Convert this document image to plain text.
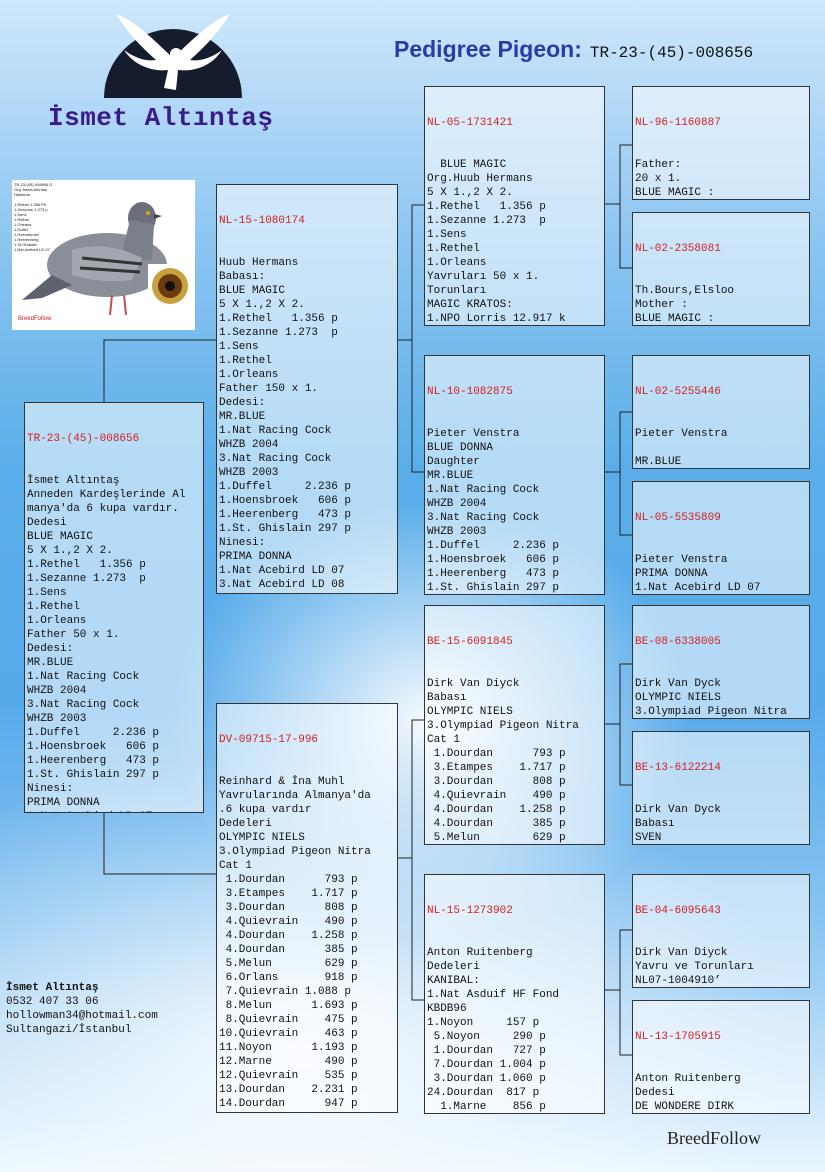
İsmet Altıntaş
Pedigree Pigeon: TR-23-(45)-008656
TR-23-(45)-008656 D
Org.:İsmet Altıntaş
Hallenda

1.Rethel 1.356 Ptr
1.Sezanne 1.273 p
1.Sens
1.Rethel
1.Orleans
1.Duffel
1.Hoensbroek
1.Heerenberg
1.St.Ghislain
1.Nat Acebird LD 07
BreedFollow

TR-23-(45)-008656

İsmet Altıntaş
Anneden Kardeşlerinde Al
manya'da 6 kupa vardır.
Dedesi
BLUE MAGIC
5 X 1.,2 X 2.
1.Rethel   1.356 p
1.Sezanne 1.273  p
1.Sens
1.Rethel
1.Orleans
Father 50 x 1.
Dedesi:
MR.BLUE
1.Nat Racing Cock
WHZB 2004
3.Nat Racing Cock
WHZB 2003
1.Duffel     2.236 p
1.Hoensbroek   606 p
1.Heerenberg   473 p
1.St. Ghislain 297 p
Ninesi:
PRIMA DONNA

NL-15-1080174

Huub Hermans
Babası:
BLUE MAGIC
5 X 1.,2 X 2.
1.Rethel   1.356 p
1.Sezanne 1.273  p
1.Sens
1.Rethel
1.Orleans
Father 150 x 1.
Dedesi:
MR.BLUE
1.Nat Racing Cock
WHZB 2004
3.Nat Racing Cock
WHZB 2003
1.Duffel     2.236 p
1.Hoensbroek   606 p
1.Heerenberg   473 p
1.St. Ghislain 297 p
Ninesi:
PRIMA DONNA
1.Nat Acebird LD 07
3.Nat Acebird LD 08

DV-09715-17-996

Reinhard & İna Muhl
Yavrularında Almanya'da
.6 kupa vardır
Dedeleri
OLYMPIC NIELS
3.Olympiad Pigeon Nitra
Cat 1
1.Dourdan      793 p
3.Etampes    1.717 p
3.Dourdan      808 p
4.Quievrain    490 p
4.Dourdan    1.258 p
4.Dourdan      385 p
5.Melun        629 p
6.Orlans       918 p
7.Quievrain 1.088 p
8.Melun      1.693 p
8.Quievrain    475 p
10.Quievrain    463 p
11.Noyon      1.193 p
12.Marne        490 p
12.Quievrain    535 p
13.Dourdan    2.231 p
14.Dourdan      947 p

NL-05-1731421

BLUE MAGIC
Org.Huub Hermans
5 X 1.,2 X 2.
1.Rethel   1.356 p
1.Sezanne 1.273  p
1.Sens
1.Rethel
1.Orleans
Yavruları 50 x 1.
Torunları
MAGIC KRATOS:
1.NPO Lorris 12.917 k

NL-10-1082875

Pieter Venstra
BLUE DONNA
Daughter
MR.BLUE
1.Nat Racing Cock
WHZB 2004
3.Nat Racing Cock
WHZB 2003
1.Duffel     2.236 p
1.Hoensbroek   606 p
1.Heerenberg   473 p
1.St. Ghislain 297 p

BE-15-6091845

Dirk Van Diyck
Babası
OLYMPIC NIELS
3.Olympiad Pigeon Nitra
Cat 1
1.Dourdan      793 p
3.Etampes    1.717 p
3.Dourdan      808 p
4.Quievrain    490 p
4.Dourdan    1.258 p
4.Dourdan      385 p
5.Melun        629 p

NL-15-1273902

Anton Ruitenberg
Dedeleri
KANIBAL:
1.Nat Asduif HF Fond
KBDB96
1.Noyon     157 p
5.Noyon     290 p
1.Dourdan   727 p
7.Dourdan 1.004 p
3.Dourdan 1.060 p
24.Dourdan  817 p
1.Marne    856 p

NL-96-1160887

Father:
20 x 1.
BLUE MAGIC :

NL-02-2358081

Th.Bours,Elsloo
Mother :
BLUE MAGIC :

NL-02-5255446

Pieter Venstra

MR.BLUE

NL-05-5535809

Pieter Venstra
PRIMA DONNA
1.Nat Acebird LD 07

BE-08-6338005

Dirk Van Dyck
OLYMPIC NIELS
3.Olympiad Pigeon Nitra

BE-13-6122214

Dirk Van Dyck
Babası
SVEN

BE-04-6095643

Dirk Van Diyck
Yavru ve Torunları
NL07-1004910’

NL-13-1705915

Anton Ruitenberg
Dedesi
DE WONDERE DIRK

İsmet Altıntaş
0532 407 33 06
hollowman34@hotmail.com
Sultangazi/İstanbul
BreedFollow
